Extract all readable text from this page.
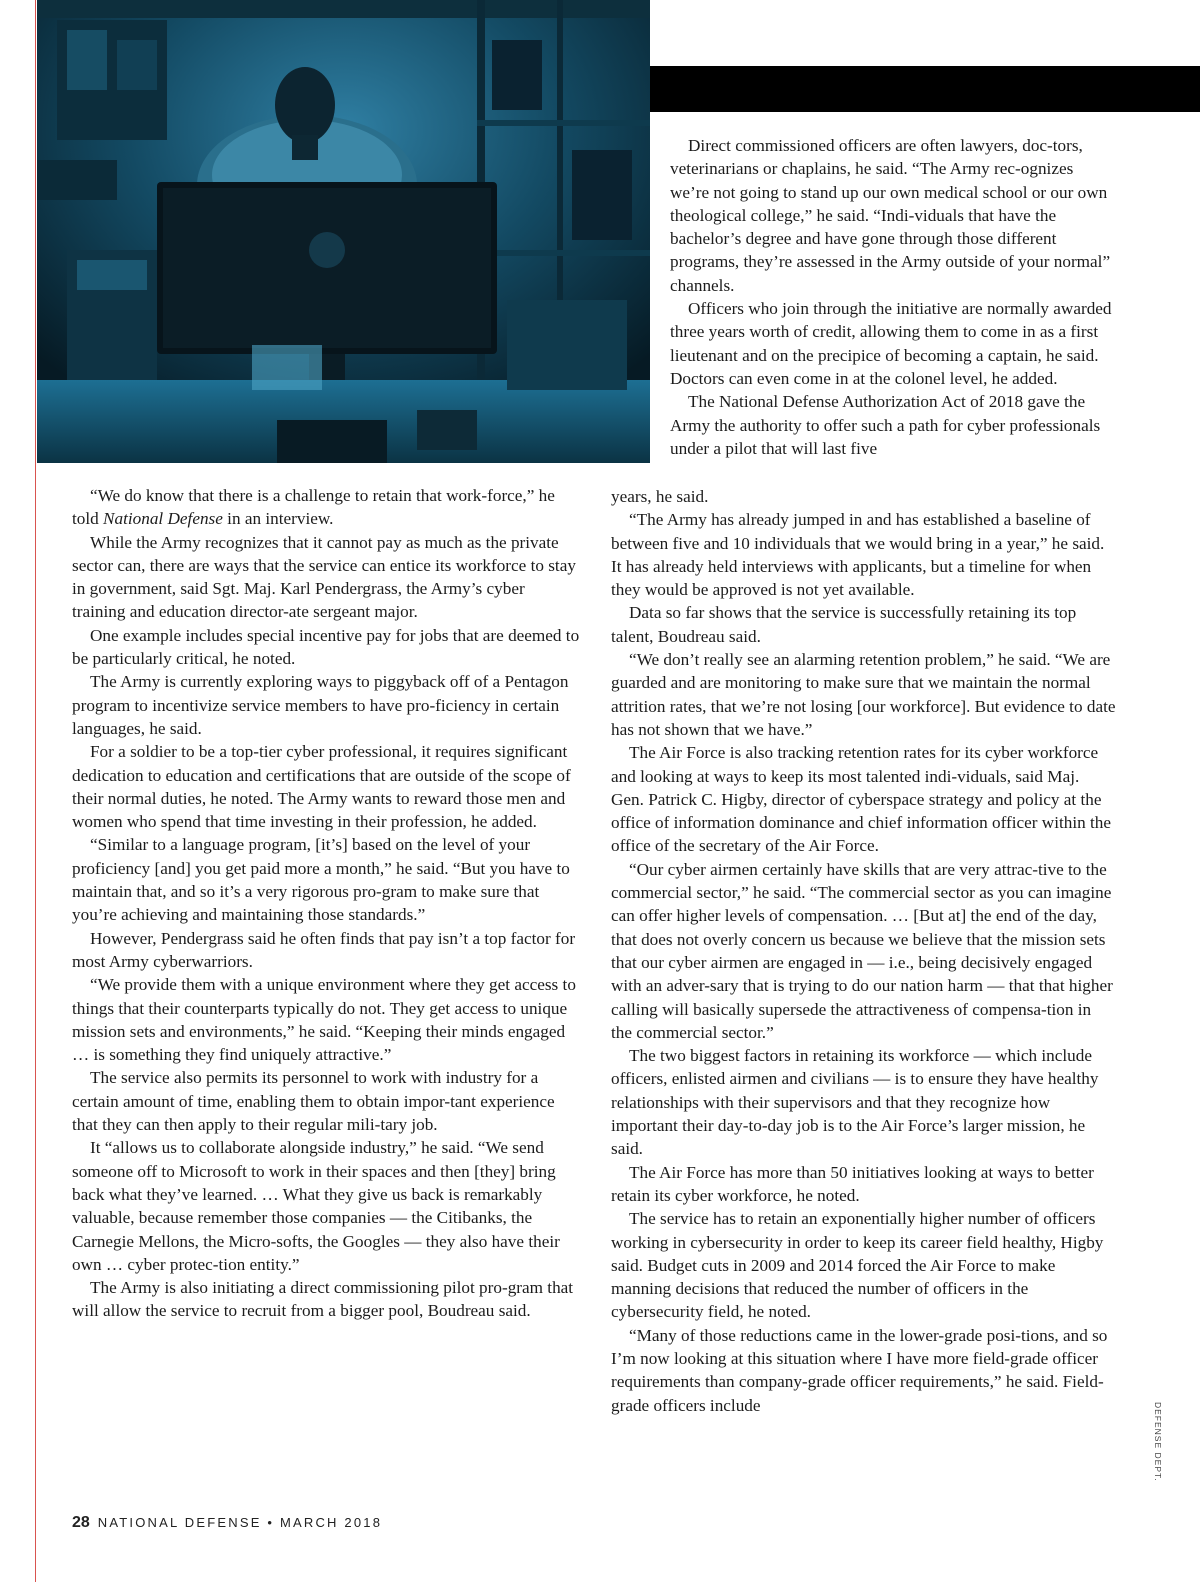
Direct commissioned officers are often lawyers, doc-tors, veterinarians or chaplains, he said. “The Army rec-ognizes we’re not going to stand up our own medical school or our own theological college,” he said. “Indi-viduals that have the bachelor’s degree and have gone through those different programs, they’re assessed in the Army outside of your normal” channels.

Officers who join through the initiative are normally awarded three years worth of credit, allowing them to come in as a first lieutenant and on the precipice of becoming a captain, he said. Doctors can even come in at the colonel level, he added.

The National Defense Authorization Act of 2018 gave the Army the authority to offer such a path for cyber professionals under a pilot that will last five

“We do know that there is a challenge to retain that work-force,” he told National Defense in an interview.

While the Army recognizes that it cannot pay as much as the private sector can, there are ways that the service can entice its workforce to stay in government, said Sgt. Maj. Karl Pendergrass, the Army’s cyber training and education director-ate sergeant major.

One example includes special incentive pay for jobs that are deemed to be particularly critical, he noted.

The Army is currently exploring ways to piggyback off of a Pentagon program to incentivize service members to have pro-ficiency in certain languages, he said.

For a soldier to be a top-tier cyber professional, it requires significant dedication to education and certifications that are outside of the scope of their normal duties, he noted. The Army wants to reward those men and women who spend that time investing in their profession, he added.

“Similar to a language program, [it’s] based on the level of your proficiency [and] you get paid more a month,” he said. “But you have to maintain that, and so it’s a very rigorous pro-gram to make sure that you’re achieving and maintaining those standards.”

However, Pendergrass said he often finds that pay isn’t a top factor for most Army cyberwarriors.

“We provide them with a unique environment where they get access to things that their counterparts typically do not. They get access to unique mission sets and environments,” he said. “Keeping their minds engaged … is something they find uniquely attractive.”

The service also permits its personnel to work with industry for a certain amount of time, enabling them to obtain impor-tant experience that they can then apply to their regular mili-tary job.

It “allows us to collaborate alongside industry,” he said. “We send someone off to Microsoft to work in their spaces and then [they] bring back what they’ve learned. … What they give us back is remarkably valuable, because remember those companies — the Citibanks, the Carnegie Mellons, the Micro-softs, the Googles — they also have their own … cyber protec-tion entity.”

The Army is also initiating a direct commissioning pilot pro-gram that will allow the service to recruit from a bigger pool, Boudreau said.

years, he said.

“The Army has already jumped in and has established a baseline of between five and 10 individuals that we would bring in a year,” he said. It has already held interviews with applicants, but a timeline for when they would be approved is not yet available.

Data so far shows that the service is successfully retaining its top talent, Boudreau said.

“We don’t really see an alarming retention problem,” he said. “We are guarded and are monitoring to make sure that we maintain the normal attrition rates, that we’re not losing [our workforce]. But evidence to date has not shown that we have.”

The Air Force is also tracking retention rates for its cyber workforce and looking at ways to keep its most talented indi-viduals, said Maj. Gen. Patrick C. Higby, director of cyberspace strategy and policy at the office of information dominance and chief information officer within the office of the secretary of the Air Force.

“Our cyber airmen certainly have skills that are very attrac-tive to the commercial sector,” he said. “The commercial sector as you can imagine can offer higher levels of compensation. … [But at] the end of the day, that does not overly concern us because we believe that the mission sets that our cyber airmen are engaged in — i.e., being decisively engaged with an adver-sary that is trying to do our nation harm — that that higher calling will basically supersede the attractiveness of compensa-tion in the commercial sector.”

The two biggest factors in retaining its workforce — which include officers, enlisted airmen and civilians — is to ensure they have healthy relationships with their supervisors and that they recognize how important their day-to-day job is to the Air Force’s larger mission, he said.

The Air Force has more than 50 initiatives looking at ways to better retain its cyber workforce, he noted.

The service has to retain an exponentially higher number of officers working in cybersecurity in order to keep its career field healthy, Higby said. Budget cuts in 2009 and 2014 forced the Air Force to make manning decisions that reduced the number of officers in the cybersecurity field, he noted.

“Many of those reductions came in the lower-grade posi-tions, and so I’m now looking at this situation where I have more field-grade officer requirements than company-grade officer requirements,” he said. Field-grade officers include

28 NATIONAL DEFENSE • MARCH 2018
DEFENSE DEPT.
